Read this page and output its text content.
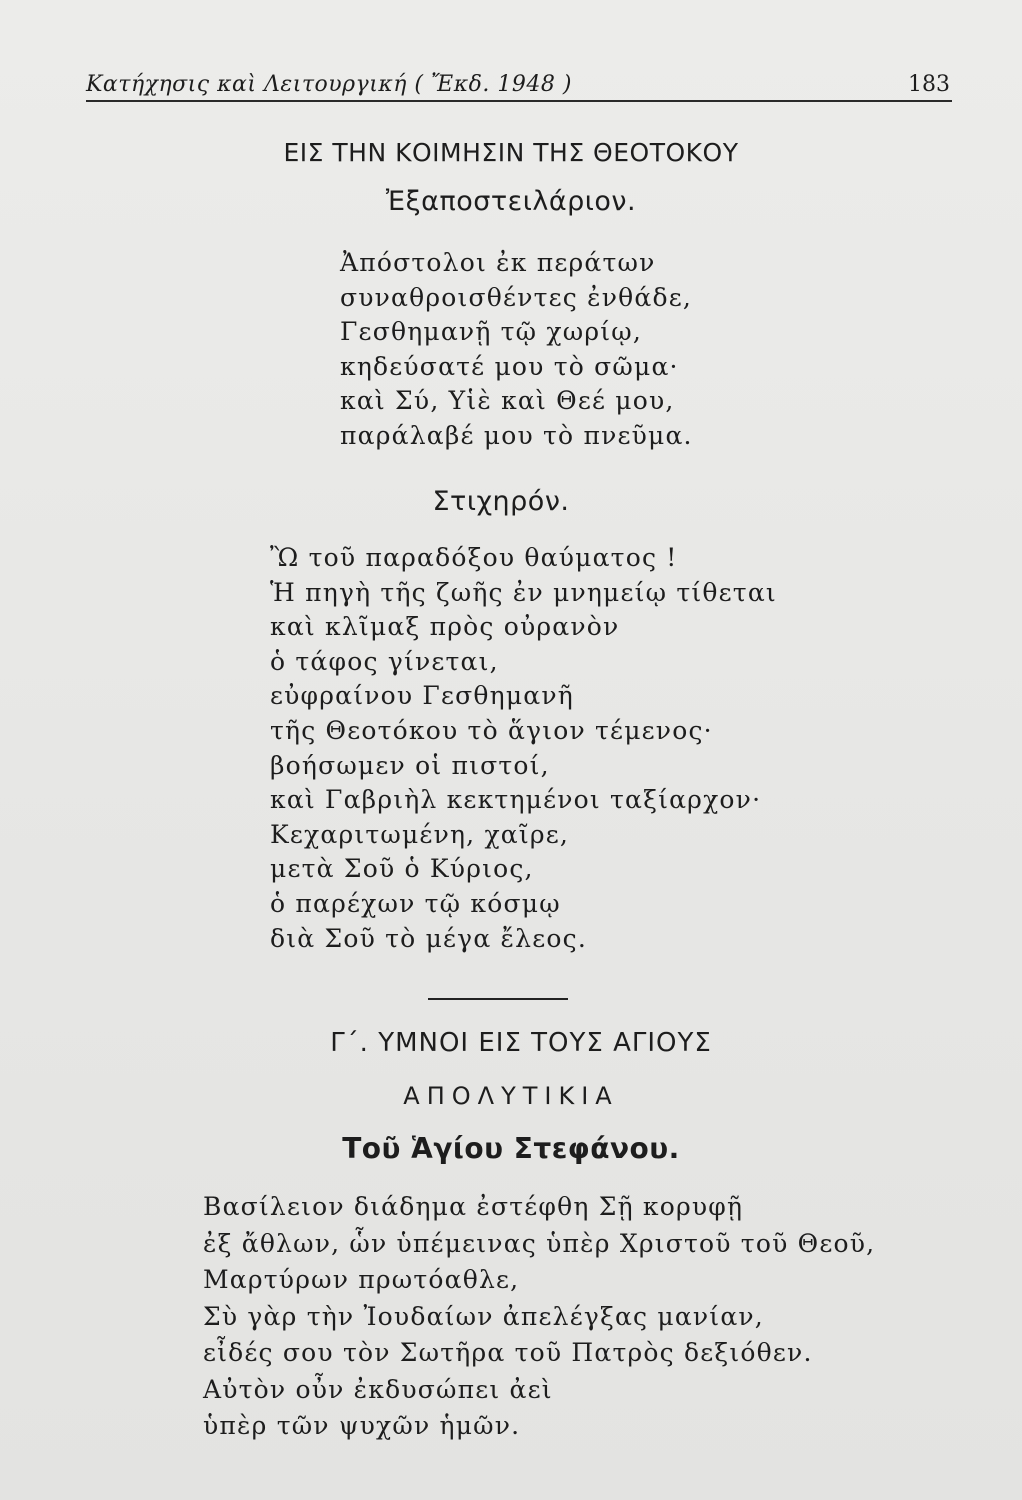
Κατήχησις καὶ Λειτουργική ( Ἔκδ. 1948 )	183
ΕΙΣ ΤΗΝ ΚΟΙΜΗΣΙΝ ΤΗΣ ΘΕΟΤΟΚΟΥ
Ἐξαποστειλάριον.
Ἀπόστολοι ἐκ περάτων
συναθροισθέντες ἐνθάδε,
Γεσθημανῇ τῷ χωρίῳ,
κηδεύσατέ μου τὸ σῶμα·
καὶ Σύ, Υἱὲ καὶ Θεέ μου,
παράλαβέ μου τὸ πνεῦμα.
Στιχηρόν.
Ὢ τοῦ παραδόξου θαύματος !
Ἡ πηγὴ τῆς ζωῆς ἐν μνημείῳ τίθεται
καὶ κλῖμαξ πρὸς οὐρανὸν
ὁ τάφος γίνεται,
εὐφραίνου Γεσθημανῆ
τῆς Θεοτόκου τὸ ἅγιον τέμενος·
βοήσωμεν οἱ πιστοί,
καὶ Γαβριὴλ κεκτημένοι ταξίαρχον·
Κεχαριτωμένη, χαῖρε,
μετὰ Σοῦ ὁ Κύριος,
ὁ παρέχων τῷ κόσμῳ
διὰ Σοῦ τὸ μέγα ἔλεος.
Γ΄. ΥΜΝΟΙ ΕΙΣ ΤΟΥΣ ΑΓΙΟΥΣ
ΑΠΟΛΥΤΙΚΙΑ
Τοῦ Ἁγίου Στεφάνου.
Βασίλειον διάδημα ἐστέφθη Σῇ κορυφῇ
ἐξ ἄθλων, ὧν ὑπέμεινας ὑπὲρ Χριστοῦ τοῦ Θεοῦ,
Μαρτύρων πρωτόαθλε,
Σὺ γὰρ τὴν Ἰουδαίων ἀπελέγξας μανίαν,
εἶδές σου τὸν Σωτῆρα τοῦ Πατρὸς δεξιόθεν.
Αὐτὸν οὖν ἐκδυσώπει ἀεὶ
ὑπὲρ τῶν ψυχῶν ἡμῶν.
